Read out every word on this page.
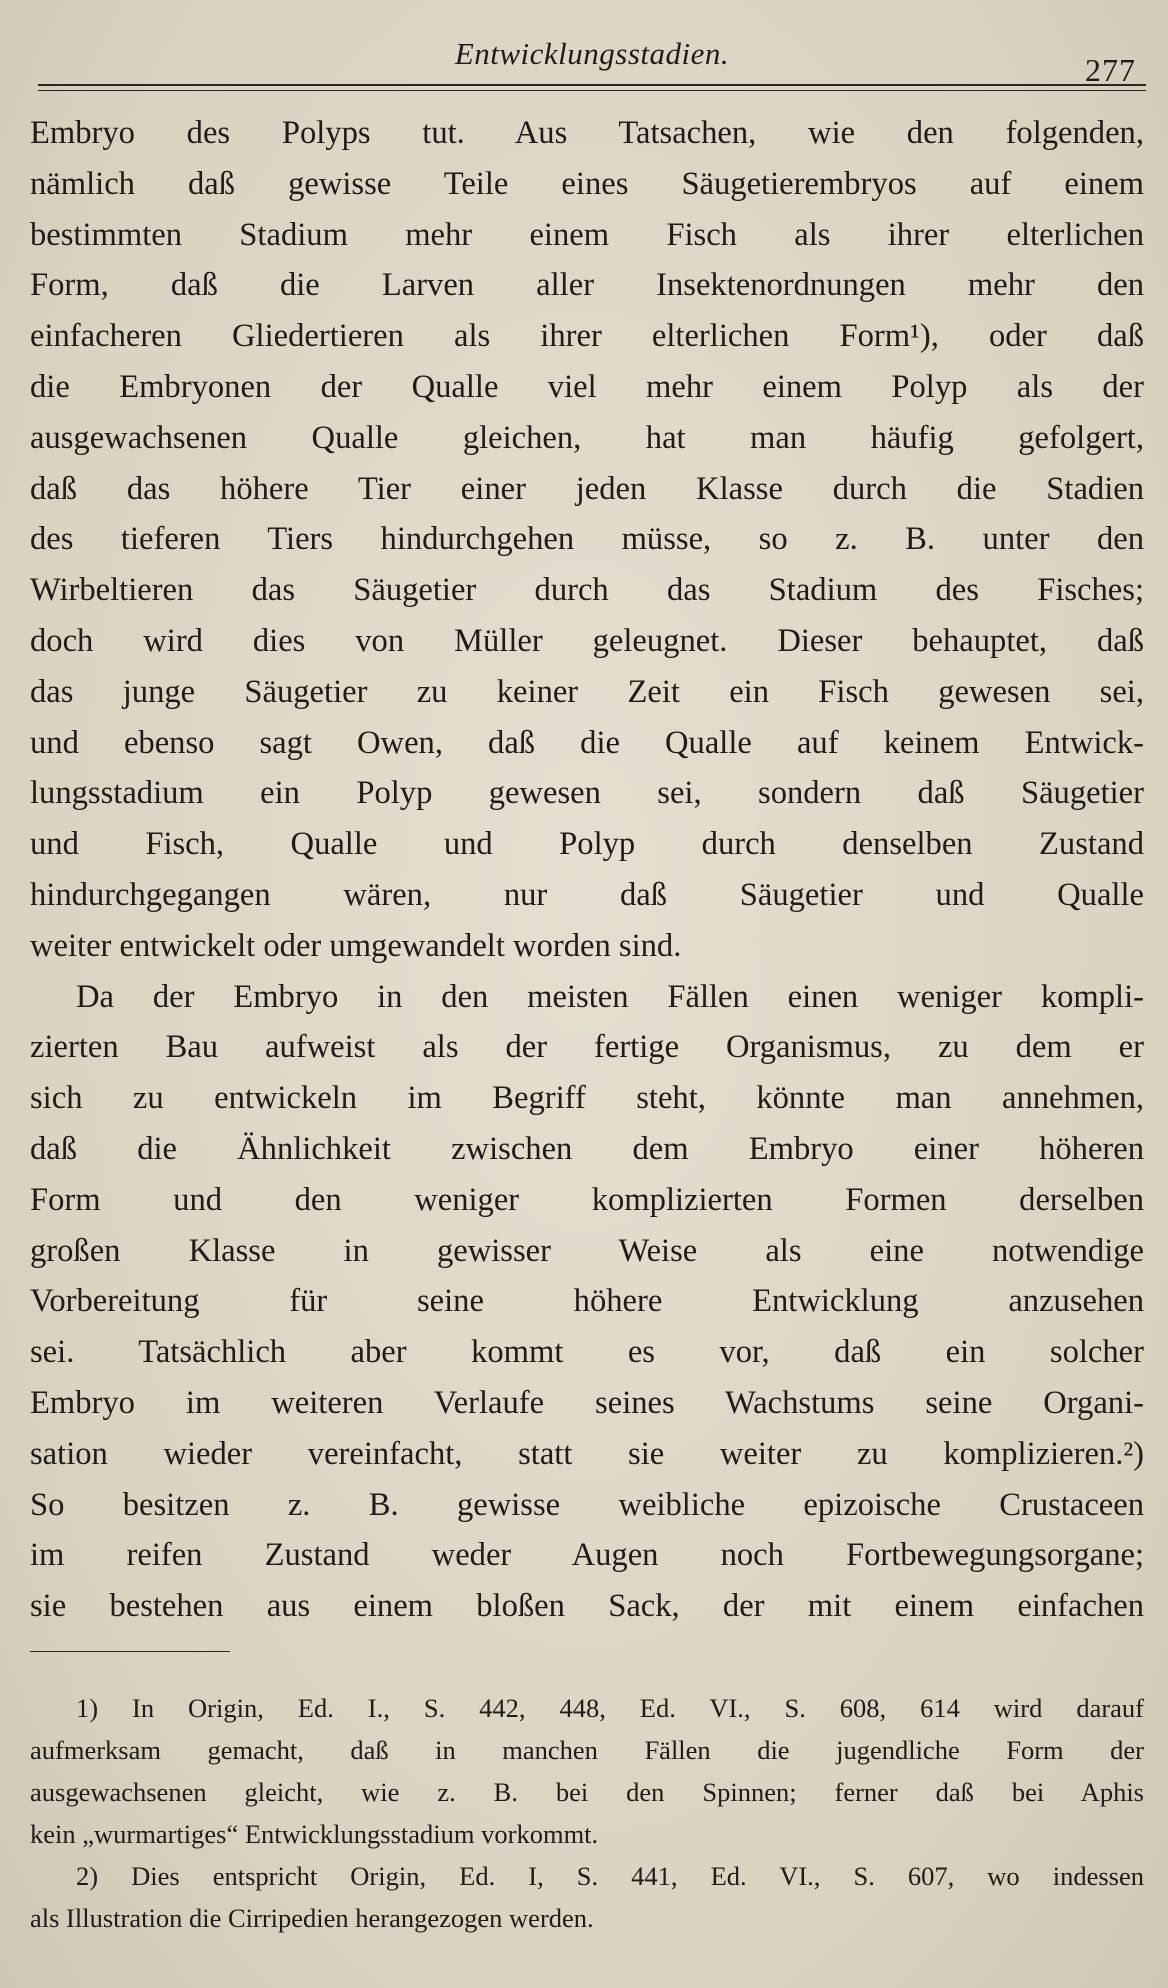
Entwicklungsstadien.	277
Embryo des Polyps tut. Aus Tatsachen, wie den folgenden,
nämlich daß gewisse Teile eines Säugetierembryos auf einem
bestimmten Stadium mehr einem Fisch als ihrer elterlichen
Form, daß die Larven aller Insektenordnungen mehr den
einfacheren Gliedertieren als ihrer elterlichen Form¹), oder daß
die Embryonen der Qualle viel mehr einem Polyp als der
ausgewachsenen Qualle gleichen, hat man häufig gefolgert,
daß das höhere Tier einer jeden Klasse durch die Stadien
des tieferen Tiers hindurchgehen müsse, so z. B. unter den
Wirbeltieren das Säugetier durch das Stadium des Fisches;
doch wird dies von Müller geleugnet. Dieser behauptet, daß
das junge Säugetier zu keiner Zeit ein Fisch gewesen sei,
und ebenso sagt Owen, daß die Qualle auf keinem Entwick-
lungsstadium ein Polyp gewesen sei, sondern daß Säugetier
und Fisch, Qualle und Polyp durch denselben Zustand
hindurchgegangen wären, nur daß Säugetier und Qualle
weiter entwickelt oder umgewandelt worden sind.
Da der Embryo in den meisten Fällen einen weniger kompli-
zierten Bau aufweist als der fertige Organismus, zu dem er
sich zu entwickeln im Begriff steht, könnte man annehmen,
daß die Ähnlichkeit zwischen dem Embryo einer höheren
Form und den weniger komplizierten Formen derselben
großen Klasse in gewisser Weise als eine notwendige
Vorbereitung für seine höhere Entwicklung anzusehen
sei. Tatsächlich aber kommt es vor, daß ein solcher
Embryo im weiteren Verlaufe seines Wachstums seine Organi-
sation wieder vereinfacht, statt sie weiter zu komplizieren.²)
So besitzen z. B. gewisse weibliche epizoische Crustaceen
im reifen Zustand weder Augen noch Fortbewegungsorgane;
sie bestehen aus einem bloßen Sack, der mit einem einfachen
1) In Origin, Ed. I., S. 442, 448, Ed. VI., S. 608, 614 wird darauf
aufmerksam gemacht, daß in manchen Fällen die jugendliche Form der
ausgewachsenen gleicht, wie z. B. bei den Spinnen; ferner daß bei Aphis
kein „wurmartiges“ Entwicklungsstadium vorkommt.
2) Dies entspricht Origin, Ed. I, S. 441, Ed. VI., S. 607, wo indessen
als Illustration die Cirripedien herangezogen werden.
